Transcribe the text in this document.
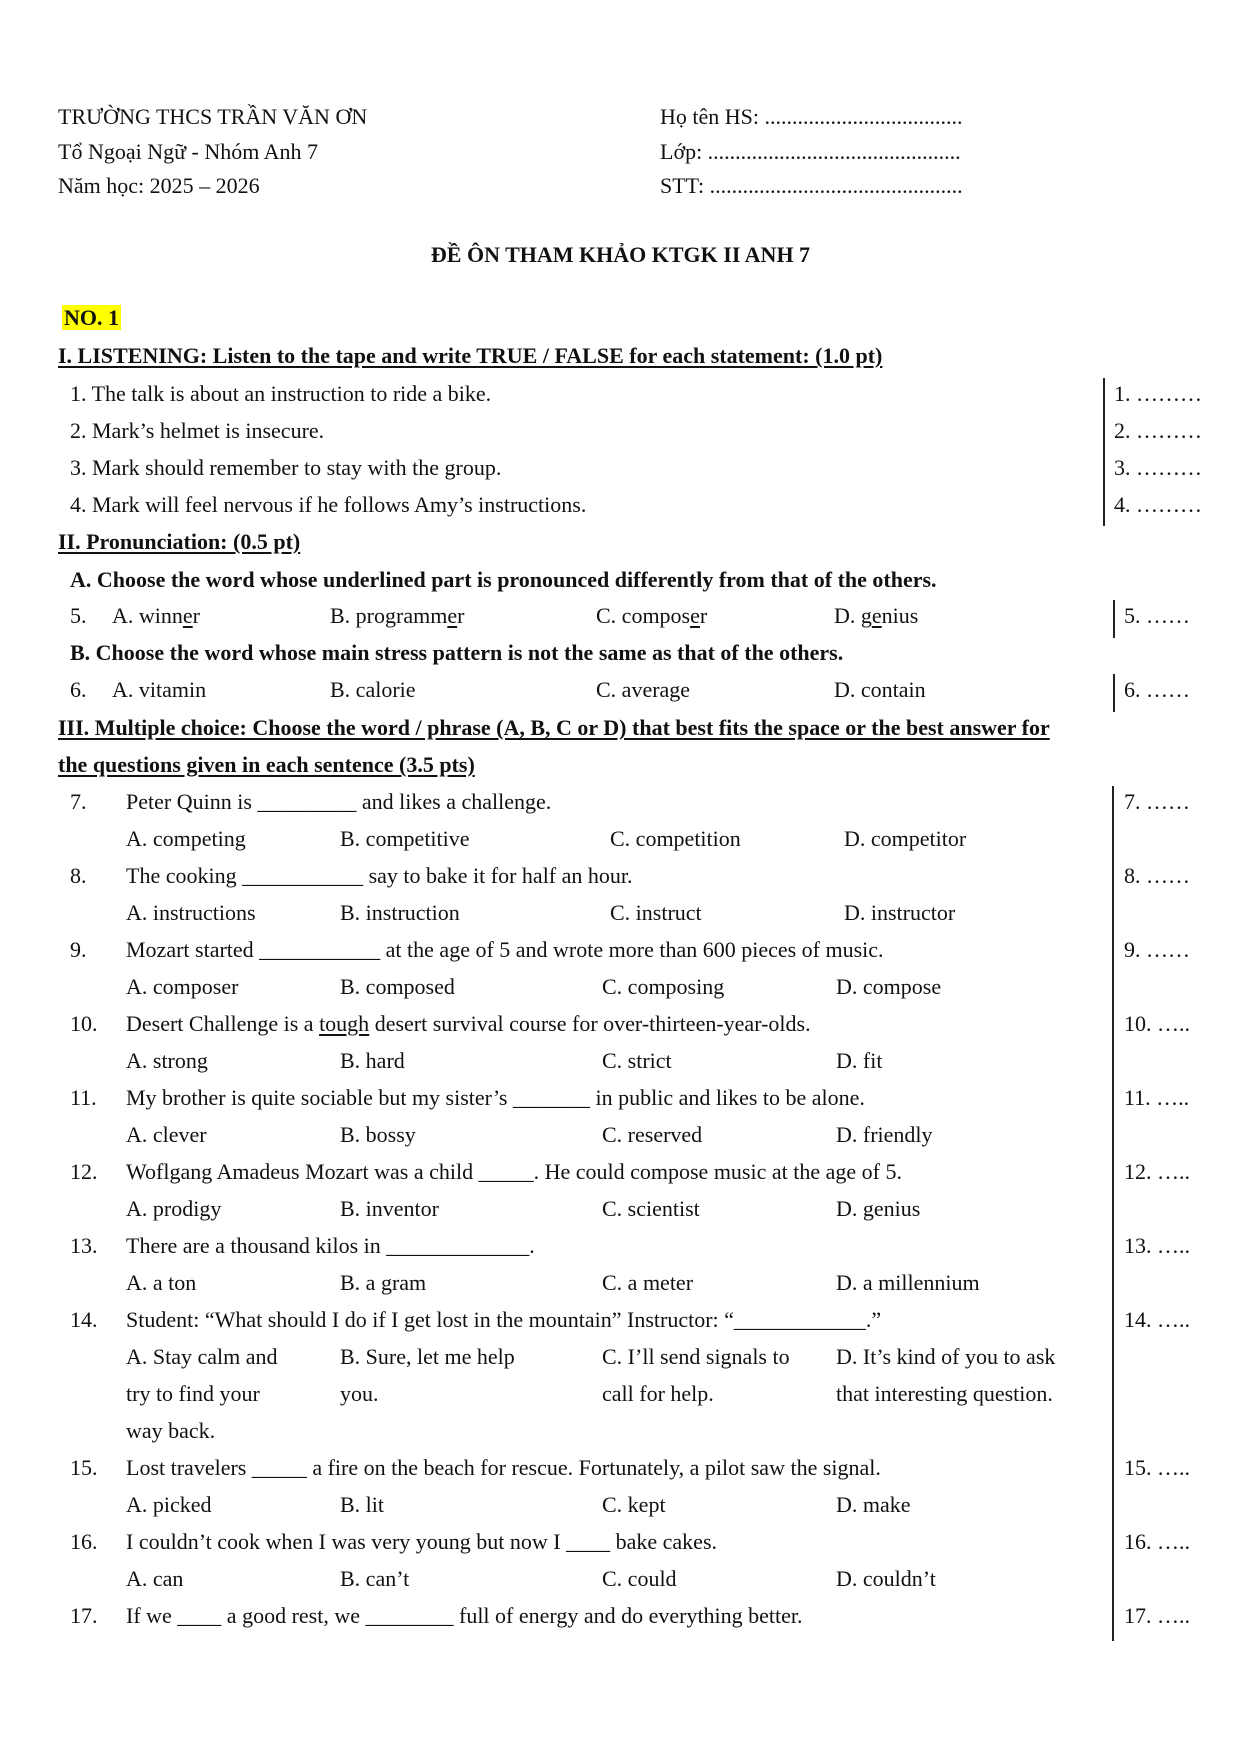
TRƯỜNG THCS TRẦN VĂN ƠN
Tổ Ngoại Ngữ - Nhóm Anh 7
Năm học: 2025 – 2026
Họ tên HS: ....................................
Lớp: ..............................................
STT: ..............................................
ĐỀ ÔN THAM KHẢO KTGK II ANH 7
NO. 1
I. LISTENING: Listen to the tape and write TRUE / FALSE for each statement: (1.0 pt)
1. The talk is about an instruction to ride a bike.
2. Mark’s helmet is insecure.
3. Mark should remember to stay with the group.
4. Mark will feel nervous if he follows Amy’s instructions.
1. ………
2. ………
3. ………
4. ………
II. Pronunciation: (0.5 pt)
A. Choose the word whose underlined part is pronounced differently from that of the others.
5. A. winner	B. programmer	C. composer	D. genius	5. ……
B. Choose the word whose main stress pattern is not the same as that of the others.
6. A. vitamin	B. calorie	C. average	D. contain	6. ……
III. Multiple choice: Choose the word / phrase (A, B, C or D) that best fits the space or the best answer for
the questions given in each sentence (3.5 pts)
7. Peter Quinn is _________ and likes a challenge.	7. ……
A. competing	B. competitive	C. competition	D. competitor
8. The cooking ___________ say to bake it for half an hour.	8. ……
A. instructions	B. instruction	C. instruct	D. instructor
9. Mozart started ___________ at the age of 5 and wrote more than 600 pieces of music.	9. ……
A. composer	B. composed	C. composing	D. compose
10. Desert Challenge is a tough desert survival course for over-thirteen-year-olds.	10. …..
A. strong	B. hard	C. strict	D. fit
11. My brother is quite sociable but my sister’s _______ in public and likes to be alone.	11. …..
A. clever	B. bossy	C. reserved	D. friendly
12. Woflgang Amadeus Mozart was a child _____. He could compose music at the age of 5.	12. …..
A. prodigy	B. inventor	C. scientist	D. genius
13. There are a thousand kilos in _____________.	13. …..
A. a ton	B. a gram	C. a meter	D. a millennium
14. Student: “What should I do if I get lost in the mountain” Instructor: “____________.”	14. …..
A. Stay calm and
try to find your
way back.
B. Sure, let me help
you.
C. I’ll send signals to
call for help.
D. It’s kind of you to ask
that interesting question.
15. Lost travelers _____ a fire on the beach for rescue. Fortunately, a pilot saw the signal.	15. …..
A. picked	B. lit	C. kept	D. make
16. I couldn’t cook when I was very young but now I ____ bake cakes.	16. …..
A. can	B. can’t	C. could	D. couldn’t
17. If we ____ a good rest, we ________ full of energy and do everything better.	17. …..
